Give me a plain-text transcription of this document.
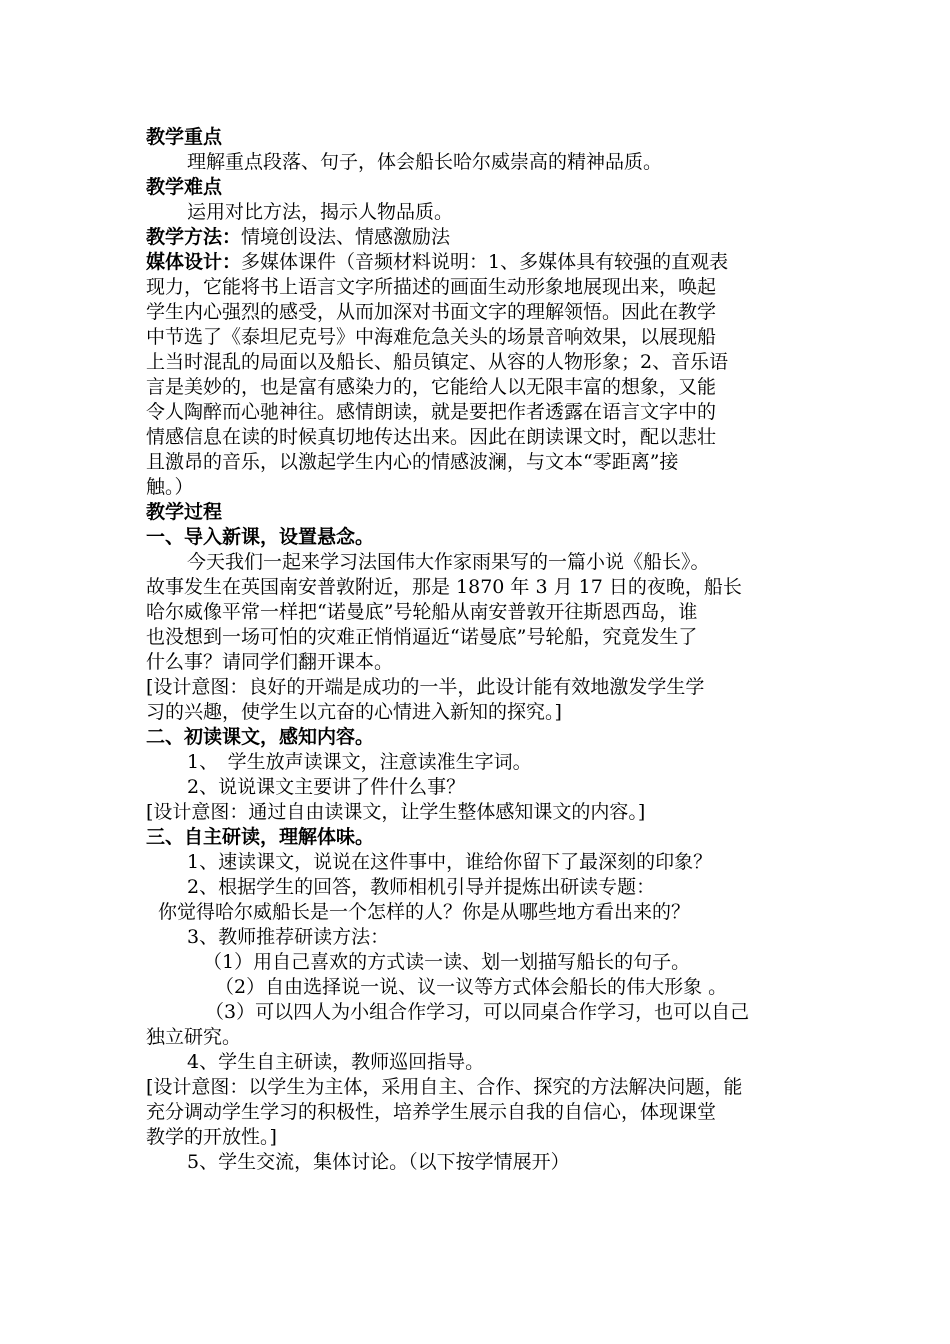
教学重点
理解重点段落、句子，体会船长哈尔威崇高的精神品质。
教学难点
运用对比方法，揭示人物品质。
教学方法：情境创设法、情感激励法
媒体设计：多媒体课件（音频材料说明：1、多媒体具有较强的直观表
现力，它能将书上语言文字所描述的画面生动形象地展现出来，唤起
学生内心强烈的感受，从而加深对书面文字的理解领悟。因此在教学
中节选了《泰坦尼克号》中海难危急关头的场景音响效果，以展现船
上当时混乱的局面以及船长、船员镇定、从容的人物形象；2、音乐语
言是美妙的，也是富有感染力的，它能给人以无限丰富的想象，又能
令人陶醉而心驰神往。感情朗读，就是要把作者透露在语言文字中的
情感信息在读的时候真切地传达出来。因此在朗读课文时，配以悲壮
且激昂的音乐，以激起学生内心的情感波澜，与文本“零距离”接
触。）
教学过程
一、导入新课，设置悬念。
今天我们一起来学习法国伟大作家雨果写的一篇小说《船长》。
故事发生在英国南安普敦附近，那是 1870 年 3 月 17 日的夜晚，船长
哈尔威像平常一样把“诺曼底”号轮船从南安普敦开往斯恩西岛，谁
也没想到一场可怕的灾难正悄悄逼近“诺曼底”号轮船，究竟发生了
什么事？请同学们翻开课本。
[设计意图：良好的开端是成功的一半，此设计能有效地激发学生学
习的兴趣，使学生以亢奋的心情进入新知的探究。]
二、初读课文，感知内容。
1、　学生放声读课文，注意读准生字词。
2、说说课文主要讲了件什么事？
[设计意图：通过自由读课文，让学生整体感知课文的内容。]
三、自主研读，理解体味。
1、速读课文，说说在这件事中，谁给你留下了最深刻的印象？
2、根据学生的回答，教师相机引导并提炼出研读专题：
你觉得哈尔威船长是一个怎样的人？你是从哪些地方看出来的？
3、教师推荐研读方法：
（1）用自己喜欢的方式读一读、划一划描写船长的句子。
（2）自由选择说一说、议一议等方式体会船长的伟大形象 。
（3）可以四人为小组合作学习，可以同桌合作学习，也可以自己
独立研究。
4、学生自主研读，教师巡回指导。
[设计意图：以学生为主体，采用自主、合作、探究的方法解决问题，能
充分调动学生学习的积极性，培养学生展示自我的自信心，体现课堂
教学的开放性。]
5、学生交流，集体讨论。（以下按学情展开）
